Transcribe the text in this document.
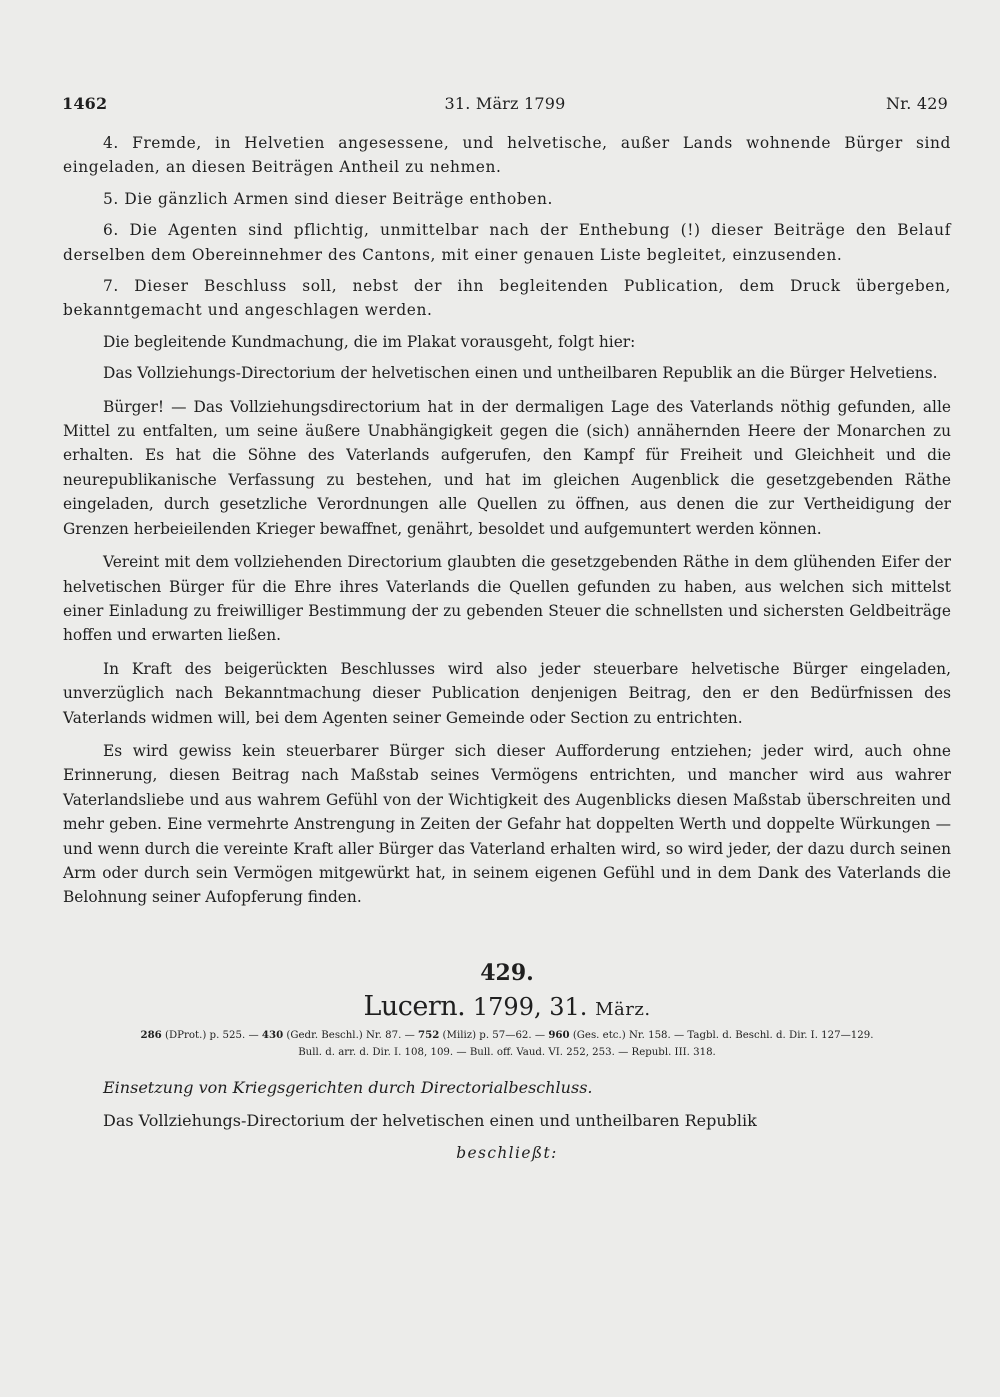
1462	31. März 1799	Nr. 429

4. Fremde, in Helvetien angesessene, und helvetische, außer Lands wohnende Bürger sind eingeladen, an diesen Beiträgen Antheil zu nehmen.

5. Die gänzlich Armen sind dieser Beiträge enthoben.

6. Die Agenten sind pflichtig, unmittelbar nach der Enthebung (!) dieser Beiträge den Belauf derselben dem Obereinnehmer des Cantons, mit einer genauen Liste begleitet, einzusenden.

7. Dieser Beschluss soll, nebst der ihn begleitenden Publication, dem Druck übergeben, bekanntgemacht und angeschlagen werden.

Die begleitende Kundmachung, die im Plakat vorausgeht, folgt hier:

Das Vollziehungs-Directorium der helvetischen einen und untheilbaren Republik an die Bürger Helvetiens.

Bürger! — Das Vollziehungsdirectorium hat in der dermaligen Lage des Vaterlands nöthig gefunden, alle Mittel zu entfalten, um seine äußere Unabhängigkeit gegen die (sich) annähernden Heere der Monarchen zu erhalten. Es hat die Söhne des Vaterlands aufgerufen, den Kampf für Freiheit und Gleichheit und die neurepublikanische Verfassung zu bestehen, und hat im gleichen Augenblick die gesetzgebenden Räthe eingeladen, durch gesetzliche Verordnungen alle Quellen zu öffnen, aus denen die zur Vertheidigung der Grenzen herbeieilenden Krieger bewaffnet, genährt, besoldet und aufgemuntert werden können.

Vereint mit dem vollziehenden Directorium glaubten die gesetzgebenden Räthe in dem glühenden Eifer der helvetischen Bürger für die Ehre ihres Vaterlands die Quellen gefunden zu haben, aus welchen sich mittelst einer Einladung zu freiwilliger Bestimmung der zu gebenden Steuer die schnellsten und sichersten Geldbeiträge hoffen und erwarten ließen.

In Kraft des beigerückten Beschlusses wird also jeder steuerbare helvetische Bürger eingeladen, unverzüglich nach Bekanntmachung dieser Publication denjenigen Beitrag, den er den Bedürfnissen des Vaterlands widmen will, bei dem Agenten seiner Gemeinde oder Section zu entrichten.

Es wird gewiss kein steuerbarer Bürger sich dieser Aufforderung entziehen; jeder wird, auch ohne Erinnerung, diesen Beitrag nach Maßstab seines Vermögens entrichten, und mancher wird aus wahrer Vaterlandsliebe und aus wahrem Gefühl von der Wichtigkeit des Augenblicks diesen Maßstab überschreiten und mehr geben. Eine vermehrte Anstrengung in Zeiten der Gefahr hat doppelten Werth und doppelte Würkungen — und wenn durch die vereinte Kraft aller Bürger das Vaterland erhalten wird, so wird jeder, der dazu durch seinen Arm oder durch sein Vermögen mitgewürkt hat, in seinem eigenen Gefühl und in dem Dank des Vaterlands die Belohnung seiner Aufopferung finden.

429.

Lucern. 1799, 31. März.

286 (DProt.) p. 525. — 430 (Gedr. Beschl.) Nr. 87. — 752 (Miliz) p. 57—62. — 960 (Ges. etc.) Nr. 158. — Tagbl. d. Beschl. d. Dir. I. 127—129.
Bull. d. arr. d. Dir. I. 108, 109. — Bull. off. Vaud. VI. 252, 253. — Republ. III. 318.

Einsetzung von Kriegsgerichten durch Directorialbeschluss.

Das Vollziehungs-Directorium der helvetischen einen und untheilbaren Republik

beschließt:
